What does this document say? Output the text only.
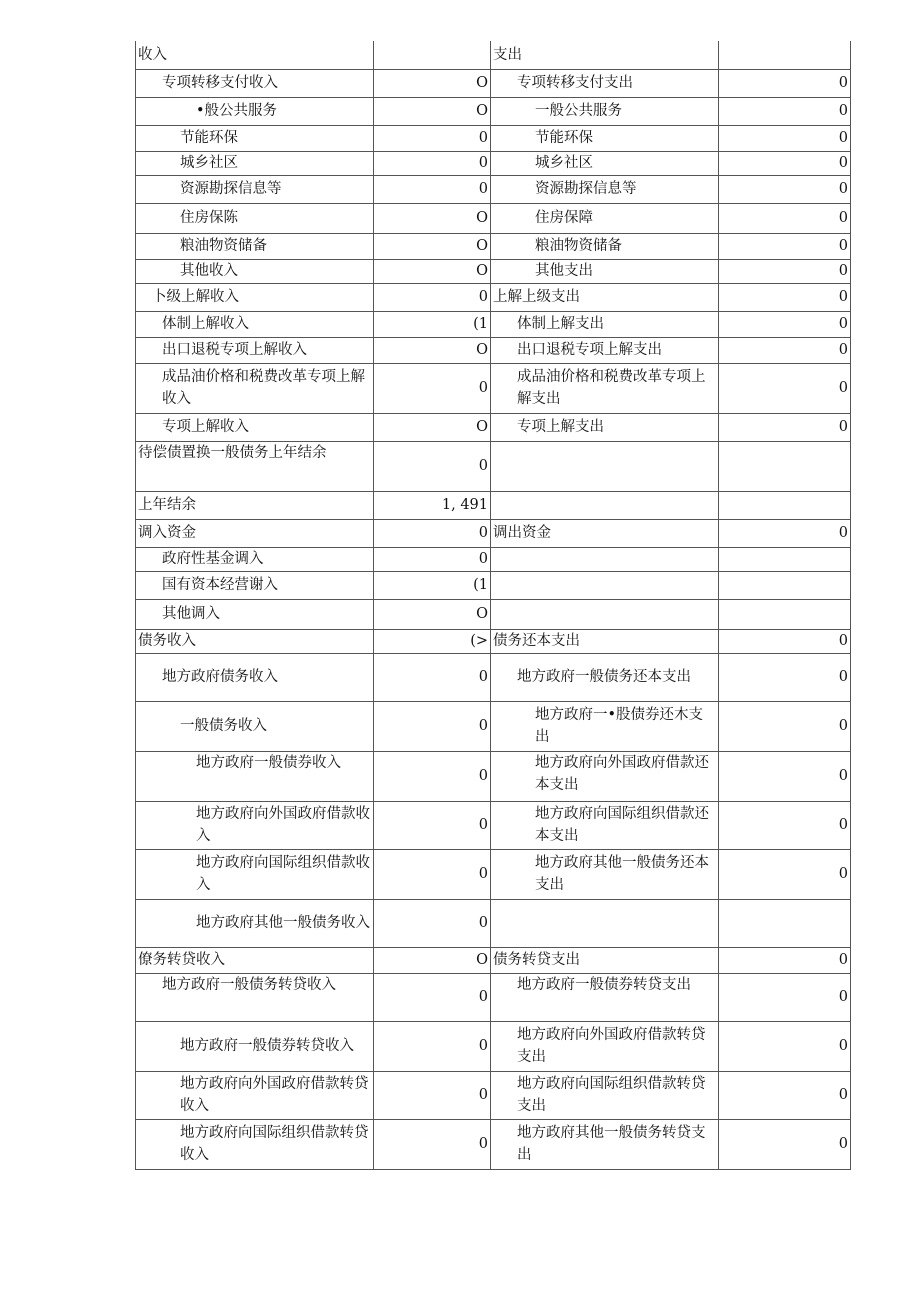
收入		支出	
专项转移支付收入	O	专项转移支付支出	0
•般公共服务	O	一般公共服务	0
节能环保	0	节能环保	0
城乡社区	0	城乡社区	0
资源勘探信息等	0	资源勘探信息等	0
住房保陈	O	住房保障	0
粮油物资储备	O	粮油物资储备	0
其他收入	O	其他支出	0
卜级上解收入	0	上解上级支出	0
体制上解收入	(1	体制上解支出	0
出口退税专项上解收入	O	出口退税专项上解支出	0
成品油价格和税费改革专项上解收入	0	成品油价格和税费改革专项上解支出	0
专项上解收入	O	专项上解支出	0
待偿债置换一般债务上年结余	0		
上年结余	1, 491		
调入资金	0	调出资金	0
政府性基金调入	0		
国有资本经营谢入	(1		
其他调入	O		
债务收入	(>	债务还本支出	0
地方政府债务收入	0	地方政府一般债务还本支出	0
一般债务收入	0	地方政府一•股债券还木支出	0
地方政府一般债券收入	0	地方政府向外国政府借款还本支出	0
地方政府向外国政府借款收入	0	地方政府向国际组织借款还本支出	0
地方政府向国际组织借款收入	0	地方政府其他一般债务还本支出	0
地方政府其他一般债务收入	0		
僚务转贷收入	O	债务转贷支出	0
地方政府一般债务转贷收入	0	地方政府一般债券转贷支出	0
地方政府一般债券转贷收入	0	地方政府向外国政府借款转贷支出	0
地方政府向外国政府借款转贷收入	0	地方政府向国际组织借款转贷支出	0
地方政府向国际组织借款转贷收入	0	地方政府其他一般债务转贷支出	0
